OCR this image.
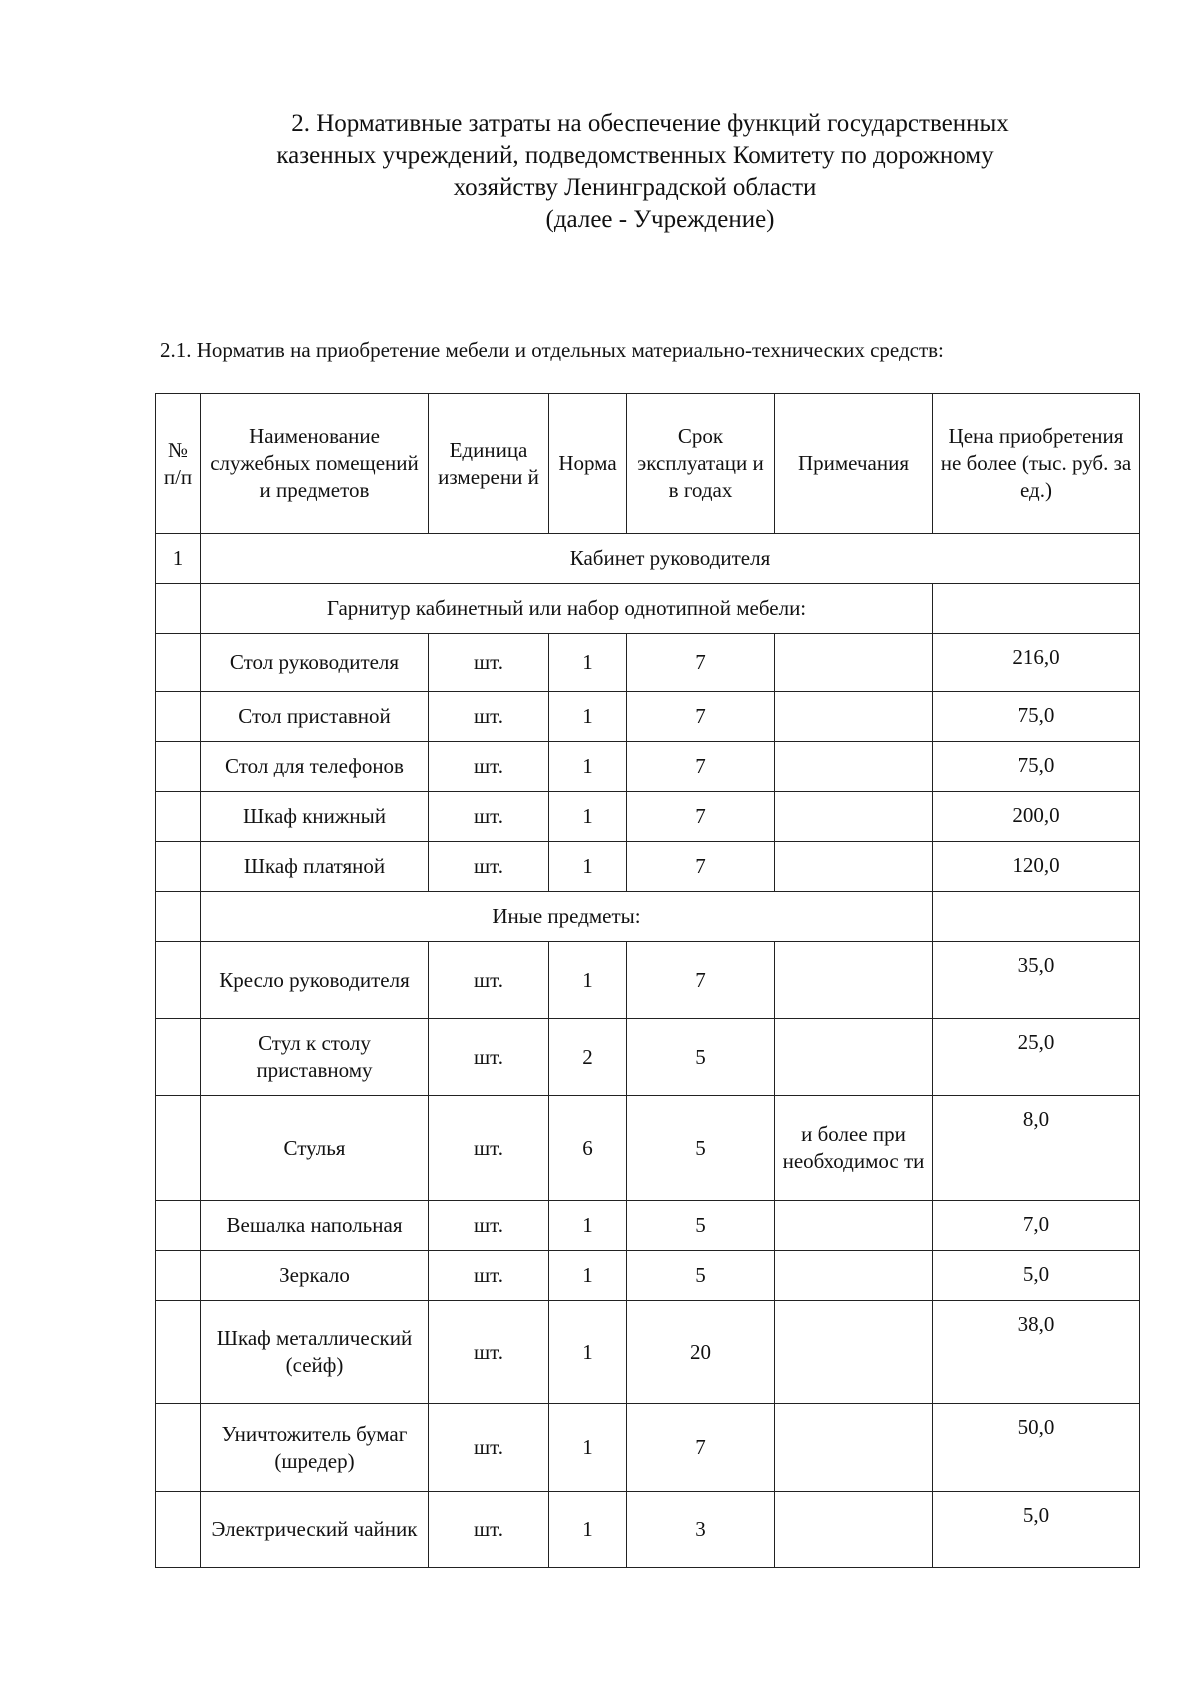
2. Нормативные затраты на обеспечение функций государственных
казенных учреждений, подведомственных Комитету по дорожному
хозяйству Ленинградской области
(далее - Учреждение)
2.1. Норматив на приобретение мебели и отдельных материально-технических средств:
№ п/п	Наименование служебных помещений и предметов	Единица измерени й	Норма	Срок эксплуатаци и в годах	Примечания	Цена приобретения не более (тыс. руб. за ед.)
1	Кабинет руководителя					
	Гарнитур кабинетный или набор однотипной мебели:					
	Стол руководителя	шт.	1	7		216,0
	Стол приставной	шт.	1	7		75,0
	Стол для телефонов	шт.	1	7		75,0
	Шкаф книжный	шт.	1	7		200,0
	Шкаф платяной	шт.	1	7		120,0
	Иные предметы:					
	Кресло руководителя	шт.	1	7		35,0
	Стул к столу приставному	шт.	2	5		25,0
	Стулья	шт.	6	5	и более при необходимос ти	8,0
	Вешалка напольная	шт.	1	5		7,0
	Зеркало	шт.	1	5		5,0
	Шкаф металлический (сейф)	шт.	1	20		38,0
	Уничтожитель бумаг (шредер)	шт.	1	7		50,0
	Электрический чайник	шт.	1	3		5,0
